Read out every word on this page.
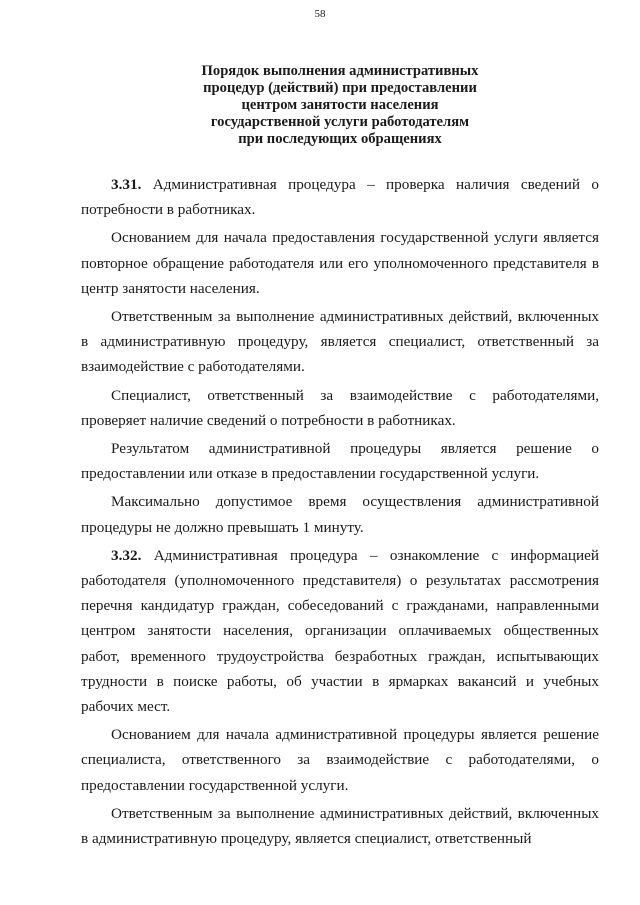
58
Порядок выполнения административных
процедур (действий) при предоставлении
центром занятости населения
государственной услуги работодателям
при последующих обращениях

3.31. Административная процедура – проверка наличия сведений о потребности в работниках.

Основанием для начала предоставления государственной услуги является повторное обращение работодателя или его уполномоченного представителя в центр занятости населения.

Ответственным за выполнение административных действий, включенных в административную процедуру, является специалист, ответственный за взаимодействие с работодателями.

Специалист, ответственный за взаимодействие с работодателями, проверяет наличие сведений о потребности в работниках.

Результатом административной процедуры является решение о предоставлении или отказе в предоставлении государственной услуги.

Максимально допустимое время осуществления административной процедуры не должно превышать 1 минуту.

3.32. Административная процедура – ознакомление с информацией работодателя (уполномоченного представителя) о результатах рассмотрения перечня кандидатур граждан, собеседований с гражданами, направленными центром занятости населения, организации оплачиваемых общественных работ, временного трудоустройства безработных граждан, испытывающих трудности в поиске работы, об участии в ярмарках вакансий и учебных рабочих мест.

Основанием для начала административной процедуры является решение специалиста, ответственного за взаимодействие с работодателями, о предоставлении государственной услуги.

Ответственным за выполнение административных действий, включенных в административную процедуру, является специалист, ответственный
